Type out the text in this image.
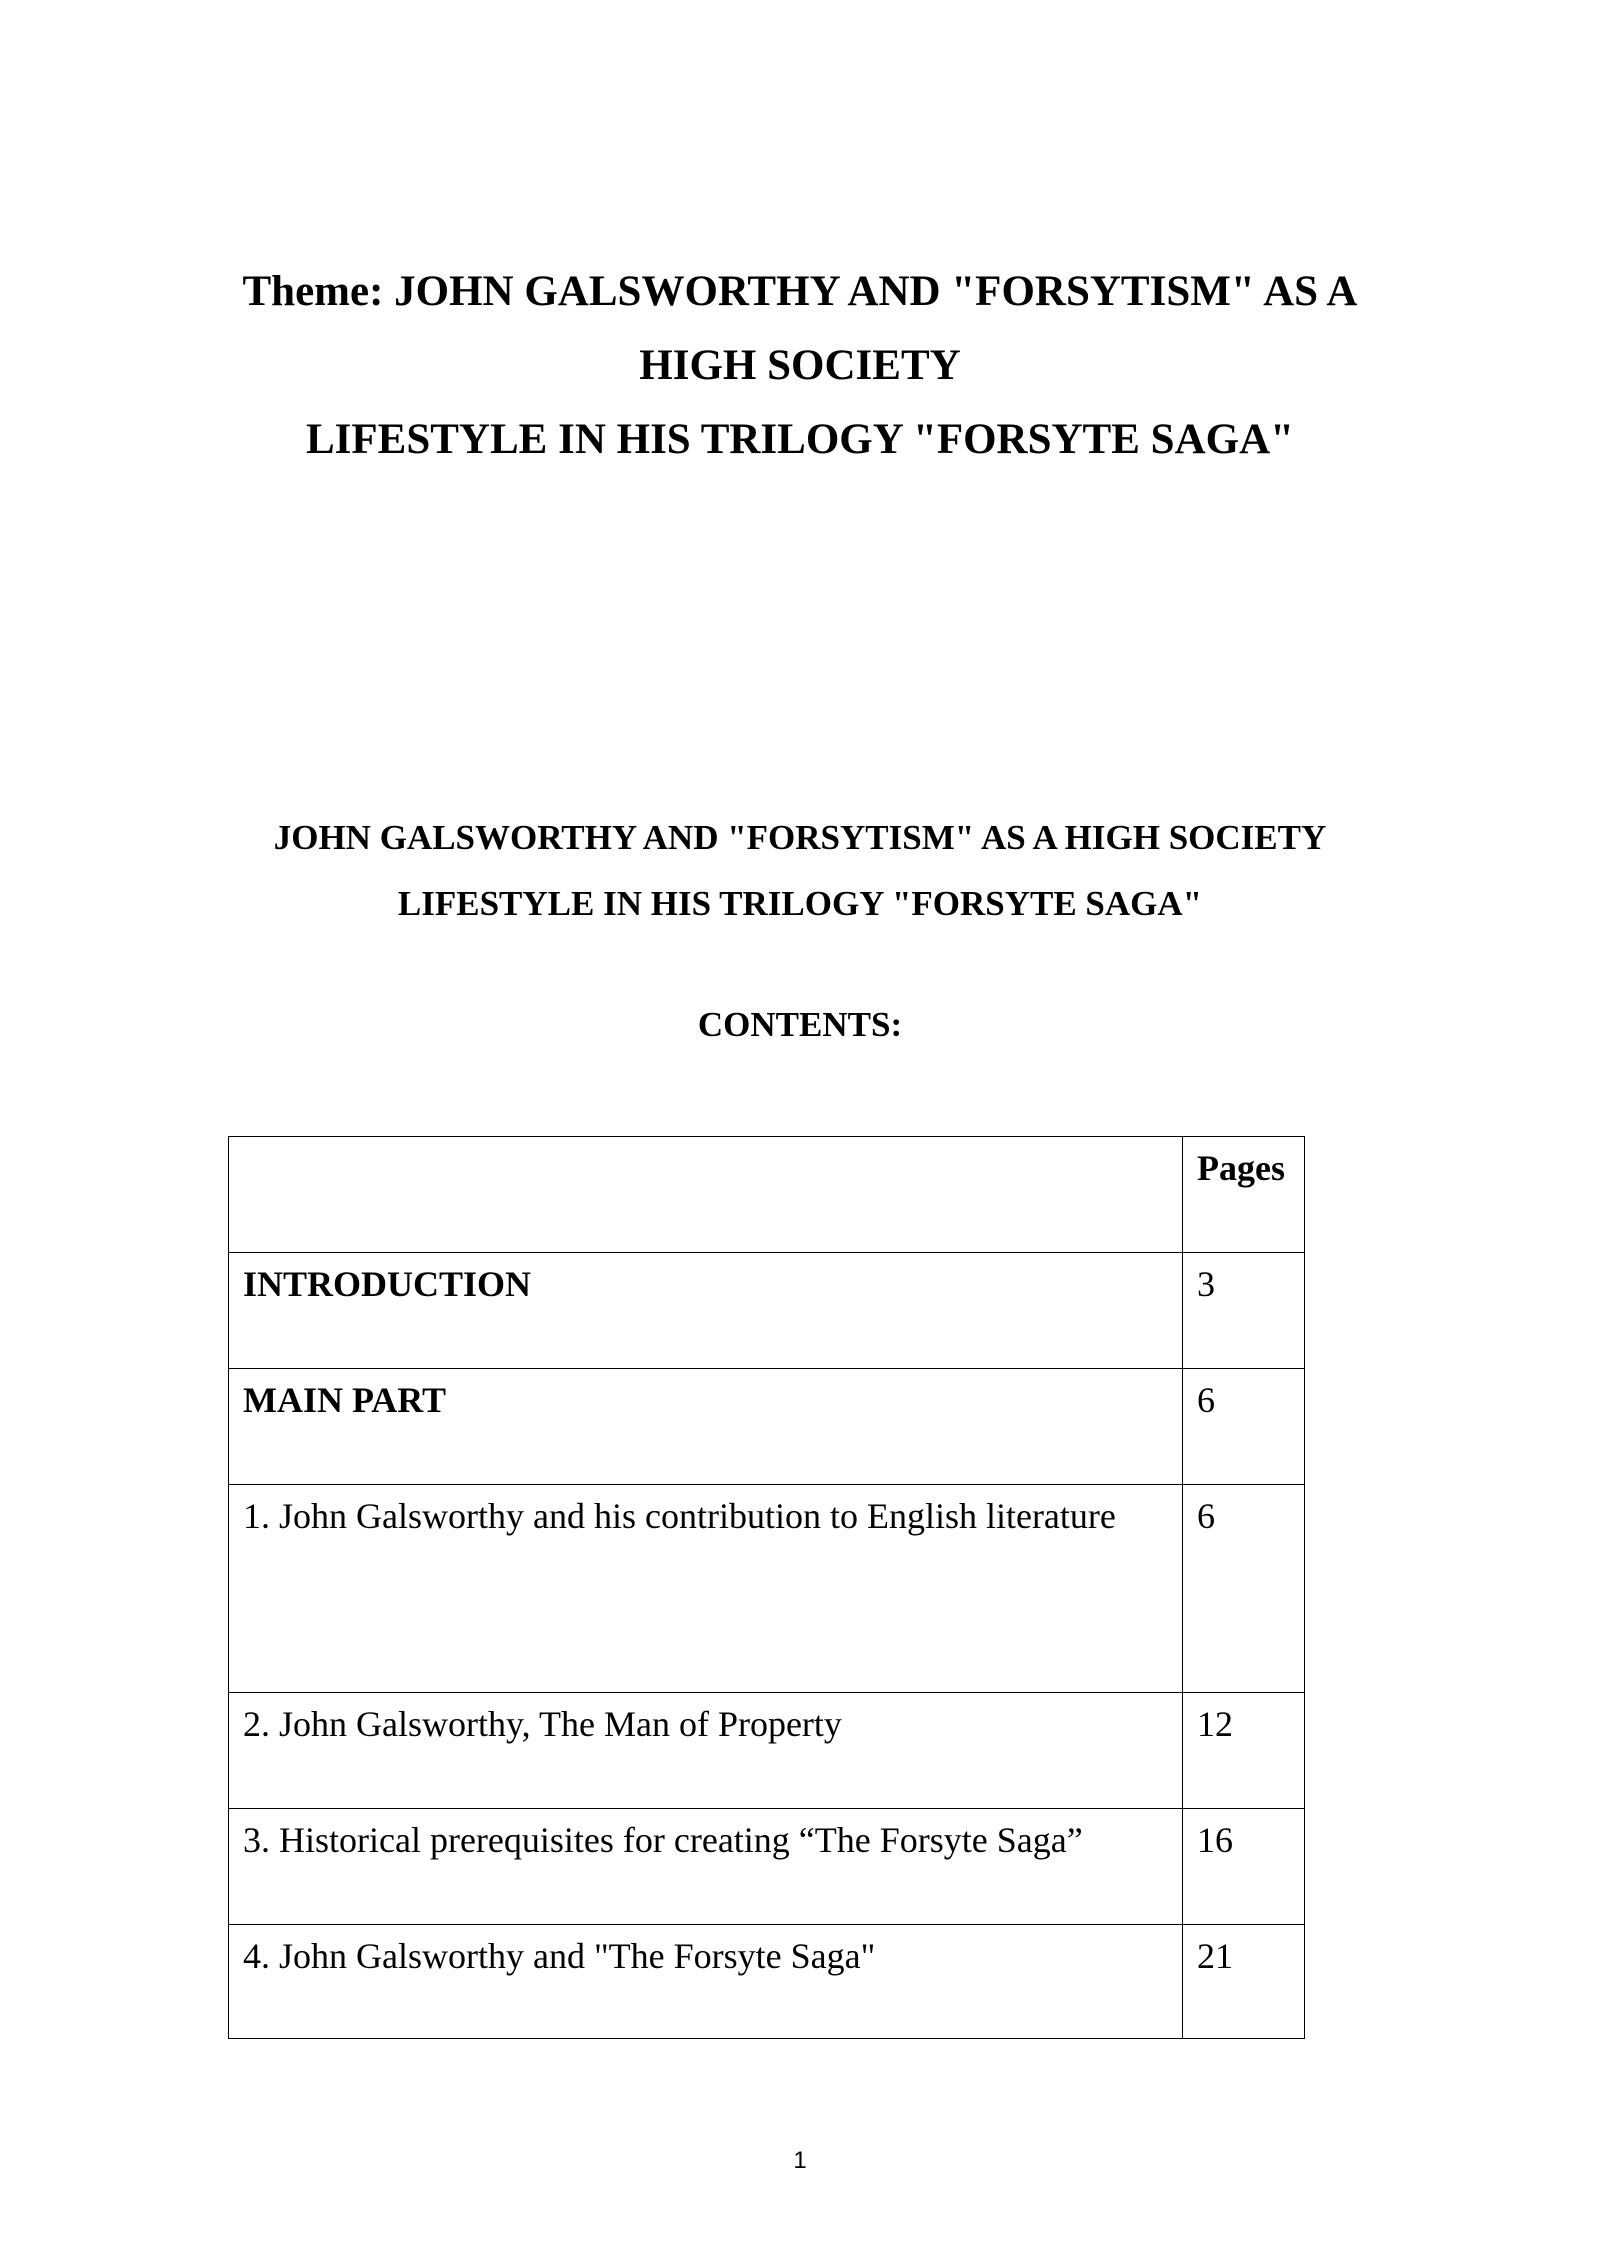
Theme: JOHN GALSWORTHY AND "FORSYTISM" AS A
HIGH SOCIETY
LIFESTYLE IN HIS TRILOGY "FORSYTE SAGA"
JOHN GALSWORTHY AND "FORSYTISM" AS A HIGH SOCIETY
LIFESTYLE IN HIS TRILOGY "FORSYTE SAGA"
CONTENTS:
	Pages
INTRODUCTION	3
MAIN PART	6
1. John Galsworthy and his contribution to English literature	6
2. John Galsworthy, The Man of Property	12
3. Historical prerequisites for creating “The Forsyte Saga”	16
4. John Galsworthy and "The Forsyte Saga"	21
1
